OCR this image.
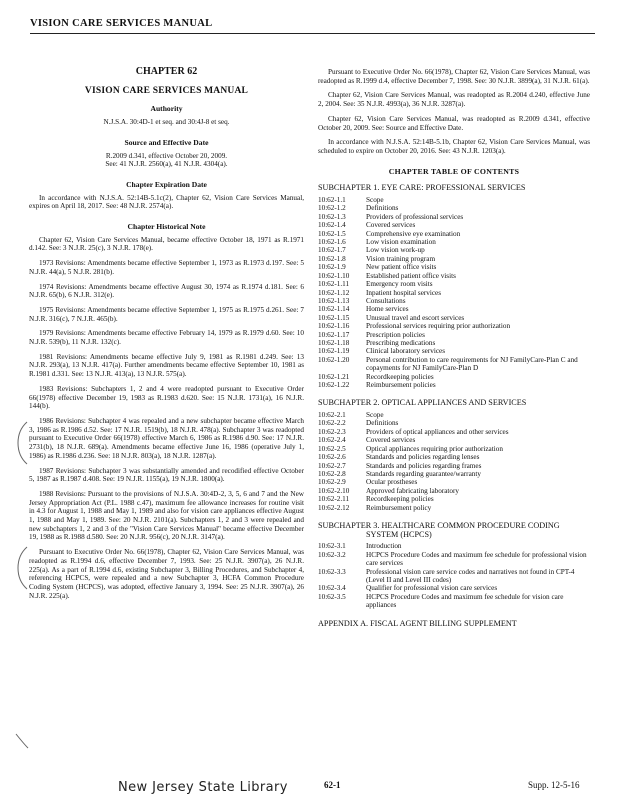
VISION CARE SERVICES MANUAL
CHAPTER 62
VISION CARE SERVICES MANUAL
Authority
N.J.S.A. 30:4D-1 et seq. and 30:4J-8 et seq.
Source and Effective Date
R.2009 d.341, effective October 20, 2009.
See: 41 N.J.R. 2560(a), 41 N.J.R. 4304(a).
Chapter Expiration Date

In accordance with N.J.S.A. 52:14B-5.1c(2), Chapter 62, Vision Care Services Manual, expires on April 18, 2017. See: 48 N.J.R. 2574(a).

Chapter Historical Note

Chapter 62, Vision Care Services Manual, became effective October 18, 1971 as R.1971 d.142. See: 3 N.J.R. 25(c), 3 N.J.R. 178(e).

1973 Revisions: Amendments became effective September 1, 1973 as R.1973 d.197. See: 5 N.J.R. 44(a), 5 N.J.R. 281(b).

1974 Revisions: Amendments became effective August 30, 1974 as R.1974 d.181. See: 6 N.J.R. 65(b), 6 N.J.R. 312(e).

1975 Revisions: Amendments became effective September 1, 1975 as R.1975 d.261. See: 7 N.J.R. 316(c), 7 N.J.R. 465(b).

1979 Revisions: Amendments became effective February 14, 1979 as R.1979 d.60. See: 10 N.J.R. 539(b), 11 N.J.R. 132(c).

1981 Revisions: Amendments became effective July 9, 1981 as R.1981 d.249. See: 13 N.J.R. 293(a), 13 N.J.R. 417(a). Further amendments became effective September 10, 1981 as R.1981 d.331. See: 13 N.J.R. 413(a), 13 N.J.R. 575(a).

1983 Revisions: Subchapters 1, 2 and 4 were readopted pursuant to Executive Order 66(1978) effective December 19, 1983 as R.1983 d.620. See: 15 N.J.R. 1731(a), 16 N.J.R. 144(b).

1986 Revisions: Subchapter 4 was repealed and a new subchapter became effective March 3, 1986 as R.1986 d.52. See: 17 N.J.R. 1519(b), 18 N.J.R. 478(a). Subchapter 3 was readopted pursuant to Executive Order 66(1978) effective March 6, 1986 as R.1986 d.90. See: 17 N.J.R. 2731(b), 18 N.J.R. 689(a). Amendments became effective June 16, 1986 (operative July 1, 1986) as R.1986 d.236. See: 18 N.J.R. 803(a), 18 N.J.R. 1287(a).

1987 Revisions: Subchapter 3 was substantially amended and recodified effective October 5, 1987 as R.1987 d.408. See: 19 N.J.R. 1155(a), 19 N.J.R. 1800(a).

1988 Revisions: Pursuant to the provisions of N.J.S.A. 30:4D-2, 3, 5, 6 and 7 and the New Jersey Appropriation Act (P.L. 1988 c.47), maximum fee allowance increases for routine visit in 4.3 for August 1, 1988 and May 1, 1989 and also for vision care appliances effective August 1, 1988 and May 1, 1989. See: 20 N.J.R. 2101(a). Subchapters 1, 2 and 3 were repealed and new subchapters 1, 2 and 3 of the "Vision Care Services Manual" became effective December 19, 1988 as R.1988 d.580. See: 20 N.J.R. 956(c), 20 N.J.R. 3147(a).

Pursuant to Executive Order No. 66(1978), Chapter 62, Vision Care Services Manual, was readopted as R.1994 d.6, effective December 7, 1993. See: 25 N.J.R. 3907(a), 26 N.J.R. 225(a). As a part of R.1994 d.6, existing Subchapter 3, Billing Procedures, and Subchapter 4, referencing HCPCS, were repealed and a new Subchapter 3, HCFA Common Procedure Coding System (HCPCS), was adopted, effective January 3, 1994. See: 25 N.J.R. 3907(a), 26 N.J.R. 225(a).

Pursuant to Executive Order No. 66(1978), Chapter 62, Vision Care Services Manual, was readopted as R.1999 d.4, effective December 7, 1998. See: 30 N.J.R. 3899(a), 31 N.J.R. 61(a).

Chapter 62, Vision Care Services Manual, was readopted as R.2004 d.240, effective June 2, 2004. See: 35 N.J.R. 4993(a), 36 N.J.R. 3287(a).

Chapter 62, Vision Care Services Manual, was readopted as R.2009 d.341, effective October 20, 2009. See: Source and Effective Date.

In accordance with N.J.S.A. 52:14B-5.1b, Chapter 62, Vision Care Services Manual, was scheduled to expire on October 20, 2016. See: 43 N.J.R. 1203(a).

CHAPTER TABLE OF CONTENTS
SUBCHAPTER 1. EYE CARE: PROFESSIONAL SERVICES
10:62-1.1	Scope
10:62-1.2	Definitions
10:62-1.3	Providers of professional services
10:62-1.4	Covered services
10:62-1.5	Comprehensive eye examination
10:62-1.6	Low vision examination
10:62-1.7	Low vision work-up
10:62-1.8	Vision training program
10:62-1.9	New patient office visits
10:62-1.10	Established patient office visits
10:62-1.11	Emergency room visits
10:62-1.12	Inpatient hospital services
10:62-1.13	Consultations
10:62-1.14	Home services
10:62-1.15	Unusual travel and escort services
10:62-1.16	Professional services requiring prior authorization
10:62-1.17	Prescription policies
10:62-1.18	Prescribing medications
10:62-1.19	Clinical laboratory services
10:62-1.20	Personal contribution to care requirements for NJ FamilyCare-Plan C and copayments for NJ FamilyCare-Plan D
10:62-1.21	Recordkeeping policies
10:62-1.22	Reimbursement policies
SUBCHAPTER 2. OPTICAL APPLIANCES AND SERVICES
10:62-2.1	Scope
10:62-2.2	Definitions
10:62-2.3	Providers of optical appliances and other services
10:62-2.4	Covered services
10:62-2.5	Optical appliances requiring prior authorization
10:62-2.6	Standards and policies regarding lenses
10:62-2.7	Standards and policies regarding frames
10:62-2.8	Standards regarding guarantee/warranty
10:62-2.9	Ocular prostheses
10:62-2.10	Approved fabricating laboratory
10:62-2.11	Recordkeeping policies
10:62-2.12	Reimbursement policy
SUBCHAPTER 3. HEALTHCARE COMMON PROCEDURE CODING SYSTEM (HCPCS)
10:62-3.1	Introduction
10:62-3.2	HCPCS Procedure Codes and maximum fee schedule for professional vision care services
10:62-3.3	Professional vision care service codes and narratives not found in CPT-4 (Level II and Level III codes)
10:62-3.4	Qualifier for professional vision care services
10:62-3.5	HCPCS Procedure Codes and maximum fee schedule for vision care appliances
APPENDIX A. FISCAL AGENT BILLING SUPPLEMENT
New Jersey State Library	62-1	Supp. 12-5-16
